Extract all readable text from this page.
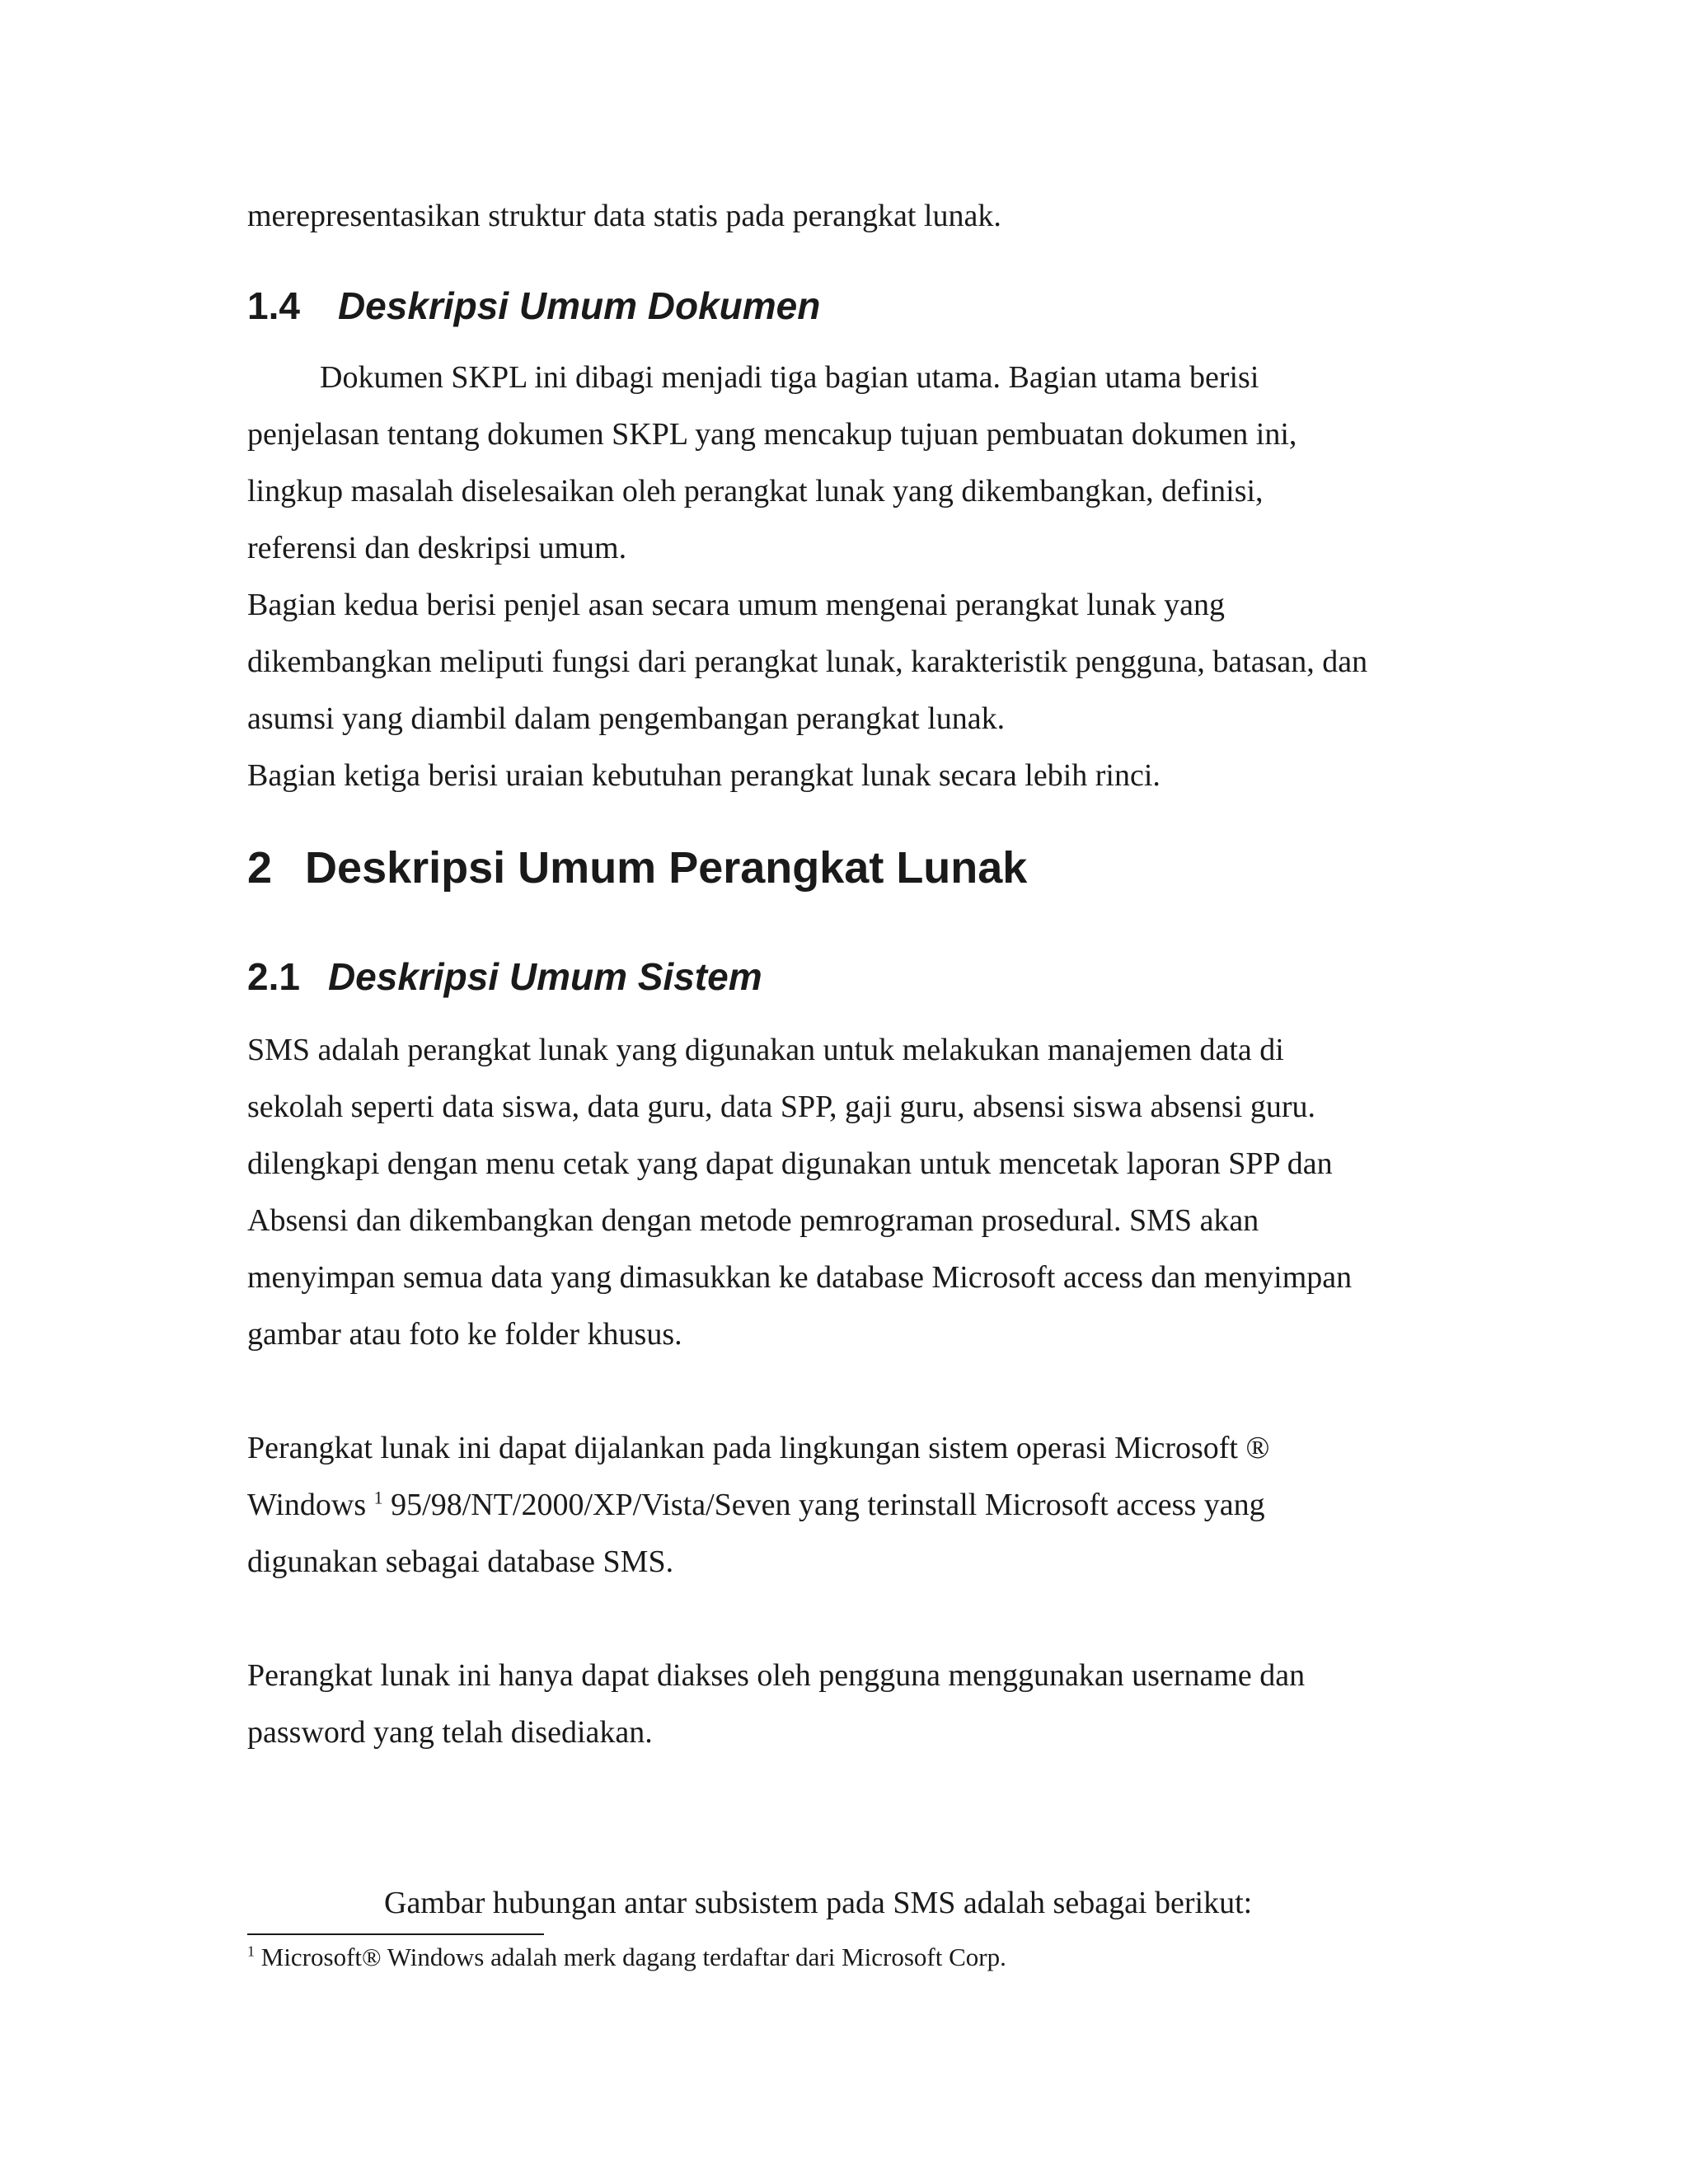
merepresentasikan struktur data statis pada perangkat lunak.
1.4 Deskripsi Umum Dokumen
Dokumen SKPL ini dibagi menjadi tiga bagian utama. Bagian utama berisi
penjelasan tentang dokumen SKPL yang mencakup tujuan pembuatan dokumen ini,
lingkup masalah diselesaikan oleh perangkat lunak yang dikembangkan, definisi,
referensi dan deskripsi umum.
Bagian kedua berisi penjel asan secara umum mengenai perangkat lunak yang
dikembangkan meliputi fungsi dari perangkat lunak, karakteristik pengguna, batasan, dan
asumsi yang diambil dalam pengembangan perangkat lunak.
Bagian ketiga berisi uraian kebutuhan perangkat lunak secara lebih rinci.
2 Deskripsi Umum Perangkat Lunak
2.1 Deskripsi Umum Sistem
SMS adalah perangkat lunak yang digunakan untuk melakukan manajemen data di
sekolah seperti data siswa, data guru, data SPP, gaji guru, absensi siswa absensi guru.
dilengkapi dengan menu cetak yang dapat digunakan untuk mencetak laporan SPP dan
Absensi dan dikembangkan dengan metode pemrograman prosedural. SMS akan
menyimpan semua data yang dimasukkan ke database Microsoft access dan menyimpan
gambar atau foto ke folder khusus.
Perangkat lunak ini dapat dijalankan pada lingkungan sistem operasi Microsoft ®
Windows $^1$ 95/98/NT/2000/XP/Vista/Seven yang terinstall Microsoft access yang
digunakan sebagai database SMS.
Perangkat lunak ini hanya dapat diakses oleh pengguna menggunakan username dan
password yang telah disediakan.
Gambar hubungan antar subsistem pada SMS adalah sebagai berikut:
$^1$ Microsoft® Windows adalah merk dagang terdaftar dari Microsoft Corp.
